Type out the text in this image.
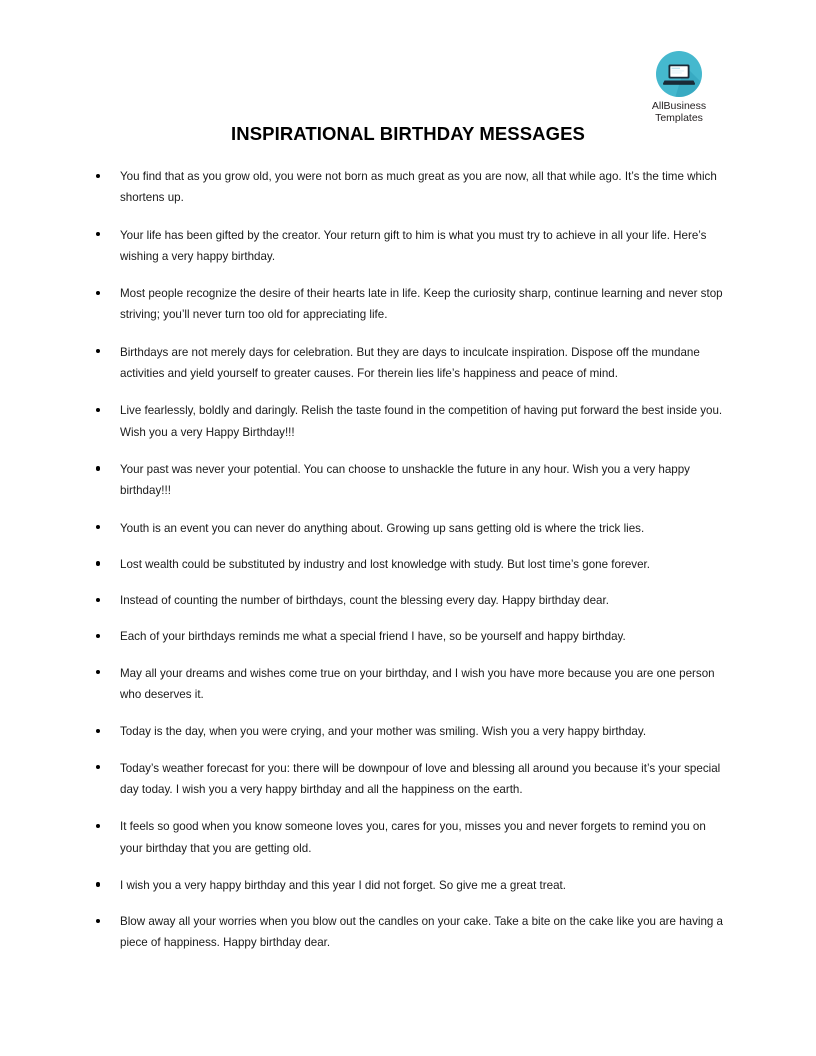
AllBusiness
Templates
INSPIRATIONAL BIRTHDAY MESSAGES
You find that as you grow old, you were not born as much great as you are now, all that while ago. It’s the time which shortens up.
Your life has been gifted by the creator. Your return gift to him is what you must try to achieve in all your life. Here’s wishing a very happy birthday.
Most people recognize the desire of their hearts late in life. Keep the curiosity sharp, continue learning and never stop striving; you’ll never turn too old for appreciating life.
Birthdays are not merely days for celebration. But they are days to inculcate inspiration. Dispose off the mundane activities and yield yourself to greater causes. For therein lies life’s happiness and peace of mind.
Live fearlessly, boldly and daringly. Relish the taste found in the competition of having put forward the best inside you. Wish you a very Happy Birthday!!!
Your past was never your potential. You can choose to unshackle the future in any hour. Wish you a very happy birthday!!!
Youth is an event you can never do anything about. Growing up sans getting old is where the trick lies.
Lost wealth could be substituted by industry and lost knowledge with study. But lost time’s gone forever.
Instead of counting the number of birthdays, count the blessing every day. Happy birthday dear.
Each of your birthdays reminds me what a special friend I have, so be yourself and happy birthday.
May all your dreams and wishes come true on your birthday, and I wish you have more because you are one person who deserves it.
Today is the day, when you were crying, and your mother was smiling. Wish you a very happy birthday.
Today’s weather forecast for you: there will be downpour of love and blessing all around you because it’s your special day today. I wish you a very happy birthday and all the happiness on the earth.
It feels so good when you know someone loves you, cares for you, misses you and never forgets to remind you on your birthday that you are getting old.
I wish you a very happy birthday and this year I did not forget. So give me a great treat.
Blow away all your worries when you blow out the candles on your cake. Take a bite on the cake like you are having a piece of happiness. Happy birthday dear.
